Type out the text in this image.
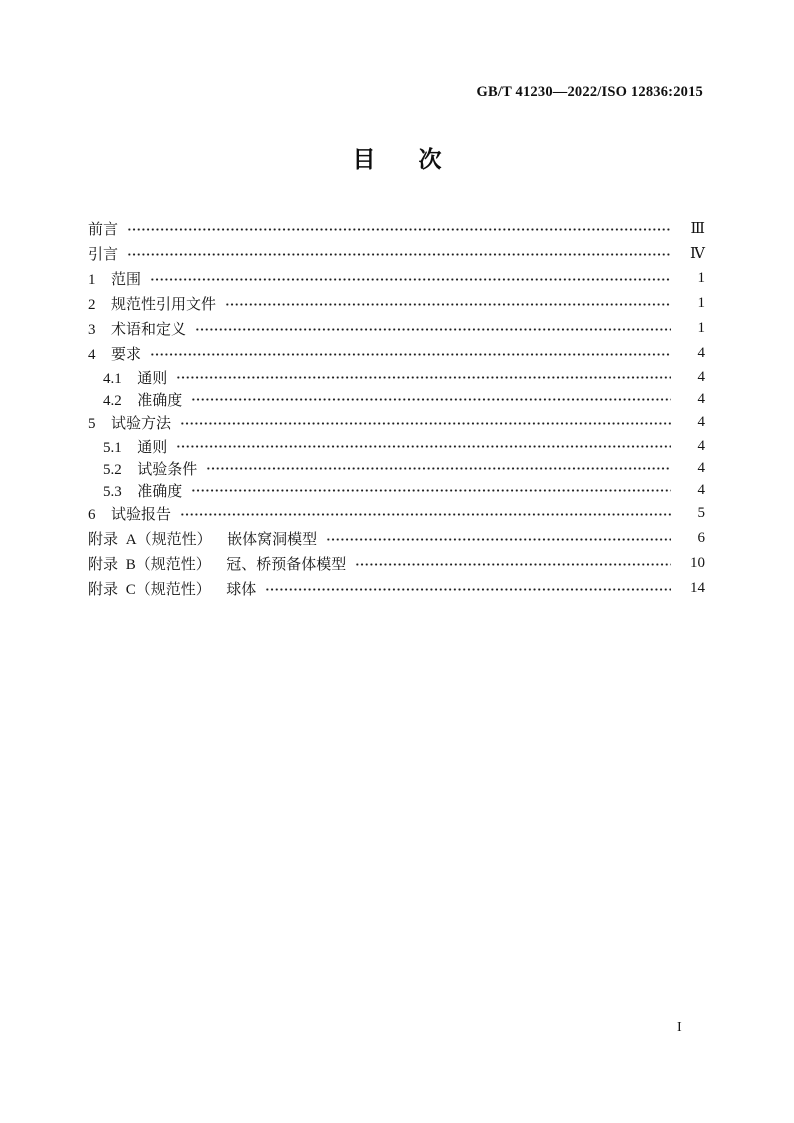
GB/T 41230—2022/ISO 12836:2015
目 次
前言	Ⅲ
引言	Ⅳ
1  范围	1
2  规范性引用文件	1
3  术语和定义	1
4  要求	4
4.1  通则	4
4.2  准确度	4
5  试验方法	4
5.1  通则	4
5.2  试验条件	4
5.3  准确度	4
6  试验报告	5
附录 A（规范性）  嵌体窝洞模型	6
附录 B（规范性）  冠、桥预备体模型	10
附录 C（规范性）  球体	14
I
